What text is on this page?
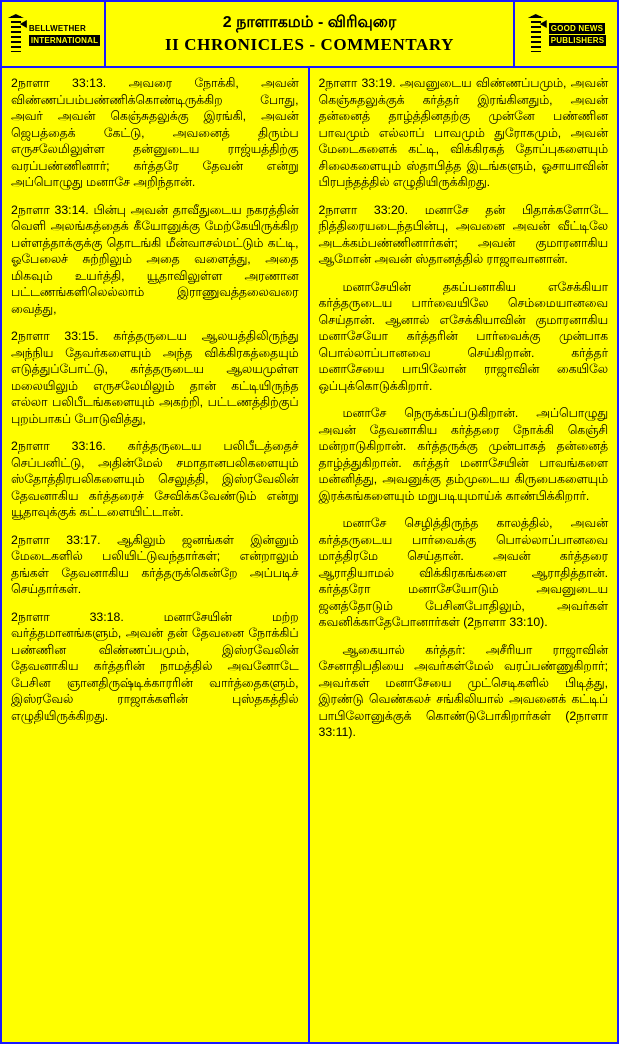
BELLWETHER
INTERNATIONAL
2 நாளாகமம் - விரிவுரை
II CHRONICLES - COMMENTARY
GOOD NEWS
PUBLISHERS

2நாளா 33:13. அவரை நோக்கி, அவன் விண்ணப்பம்பண்ணிக்கொண்டிருக்கிற போது, அவர் அவன் கெஞ்சுதலுக்கு இரங்கி, அவன் ஜெபத்தைக் கேட்டு, அவனைத் திரும்ப எருசலேமிலுள்ள தன்னுடைய ராஜ்யத்திற்கு வரப்பண்ணினார்; கர்த்தரே தேவன் என்று அப்பொழுது மனாசே அறிந்தான்.

2நாளா 33:14. பின்பு அவன் தாவீதுடைய நகரத்தின் வெளி அலங்கத்தைக் கீயோனுக்கு மேற்கேயிருக்கிற பள்ளத்தாக்குக்கு தொடங்கி மீன்வாசல்மட்டும் கட்டி, ஓபேலைச் சுற்றிலும் அதை வளைத்து, அதை மிகவும் உயர்த்தி, யூதாவிலுள்ள அரணான பட்டணங்களிலெல்லாம் இராணுவத்தலைவரை வைத்து,

2நாளா 33:15. கர்த்தருடைய ஆலயத்திலிருந்து அந்நிய தேவர்களையும் அந்த விக்கிரகத்தையும் எடுத்துப்போட்டு, கர்த்தருடைய ஆலயமுள்ள மலையிலும் எருசலேமிலும் தான் கட்டியிருந்த எல்லா பலிபீடங்களையும் அகற்றி, பட்டணத்திற்குப் புறம்பாகப் போடுவித்து,

2நாளா 33:16. கர்த்தருடைய பலிபீடத்தைச் செப்பனிட்டு, அதின்மேல் சமாதானபலிகளையும் ஸ்தோத்திரபலிகளையும் செலுத்தி, இஸ்ரவேலின் தேவனாகிய கர்த்தரைச் சேவிக்கவேண்டும் என்று யூதாவுக்குக் கட்டளையிட்டான்.

2நாளா 33:17. ஆகிலும் ஜனங்கள் இன்னும் மேடைகளில் பலியிட்டுவந்தார்கள்; என்றாலும் தங்கள் தேவனாகிய கர்த்தருக்கென்றே அப்படிச் செய்தார்கள்.

2நாளா 33:18. மனாசேயின் மற்ற வர்த்தமானங்களும், அவன் தன் தேவனை நோக்கிப் பண்ணின விண்ணப்பமும், இஸ்ரவேலின் தேவனாகிய கர்த்தரின் நாமத்தில் அவனோடே பேசின ஞானதிருஷ்டிக்காரரின் வார்த்தைகளும், இஸ்ரவேல் ராஜாக்களின் புஸ்தகத்தில் எழுதியிருக்கிறது.

2நாளா 33:19. அவனுடைய விண்ணப்பமும், அவன் கெஞ்சுதலுக்குக் கர்த்தர் இரங்கினதும், அவன் தன்னைத் தாழ்த்தினதற்கு முன்னே பண்ணின பாவமும் எல்லாப் பாவமும் துரோகமும், அவன் மேடைகளைக் கட்டி, விக்கிரகத் தோப்புகளையும் சிலைகளையும் ஸ்தாபித்த இடங்களும், ஓசாயாவின் பிரபந்தத்தில் எழுதியிருக்கிறது.

2நாளா 33:20. மனாசே தன் பிதாக்களோடே நித்திரையடைந்தபின்பு, அவனை அவன் வீட்டிலே அடக்கம்பண்ணினார்கள்; அவன் குமாரனாகிய ஆமோன் அவன் ஸ்தானத்தில் ராஜாவானான்.

மனாசேயின் தகப்பனாகிய எசேக்கியா கர்த்தருடைய பார்வையிலே செம்மையானவை செய்தான். ஆனால் எசேக்கியாவின் குமாரனாகிய மனாசேயோ கர்த்தரின் பார்வைக்கு முன்பாக பொல்லாப்பானவை செய்கிறான். கர்த்தர் மனாசேயை பாபிலோன் ராஜாவின் கையிலே ஒப்புக்கொடுக்கிறார்.

மனாசே நெருக்கப்படுகிறான். அப்பொழுது அவன் தேவனாகிய கர்த்தரை நோக்கி கெஞ்சி மன்றாடுகிறான். கர்த்தருக்கு முன்பாகத் தன்னைத் தாழ்த்துகிறான். கர்த்தர் மனாசேயின் பாவங்களை மன்னித்து, அவனுக்கு தம்முடைய கிருபைகளையும் இரக்கங்களையும் மறுபடியுமாய்க் காண்பிக்கிறார்.

மனாசே செழித்திருந்த காலத்தில், அவன் கர்த்தருடைய பார்வைக்கு பொல்லாப்பானவை மாத்திரமே செய்தான். அவன் கர்த்தரை ஆராதியாமல் விக்கிரகங்களை ஆராதித்தான். கர்த்தரோ மனாசேயோடும் அவனுடைய ஜனத்தோடும் பேசினபோதிலும், அவர்கள் கவனிக்காதேபோனார்கள் (2நாளா 33:10).

ஆகையால் கர்த்தர்: அசீரியா ராஜாவின் சேனாதிபதியை அவர்கள்மேல் வரப்பண்ணுகிறார்; அவர்கள் மனாசேயை முட்செடிகளில் பிடித்து, இரண்டு வெண்கலச் சங்கிலியால் அவனைக் கட்டிப் பாபிலோனுக்குக் கொண்டுபோகிறார்கள் (2நாளா 33:11).
